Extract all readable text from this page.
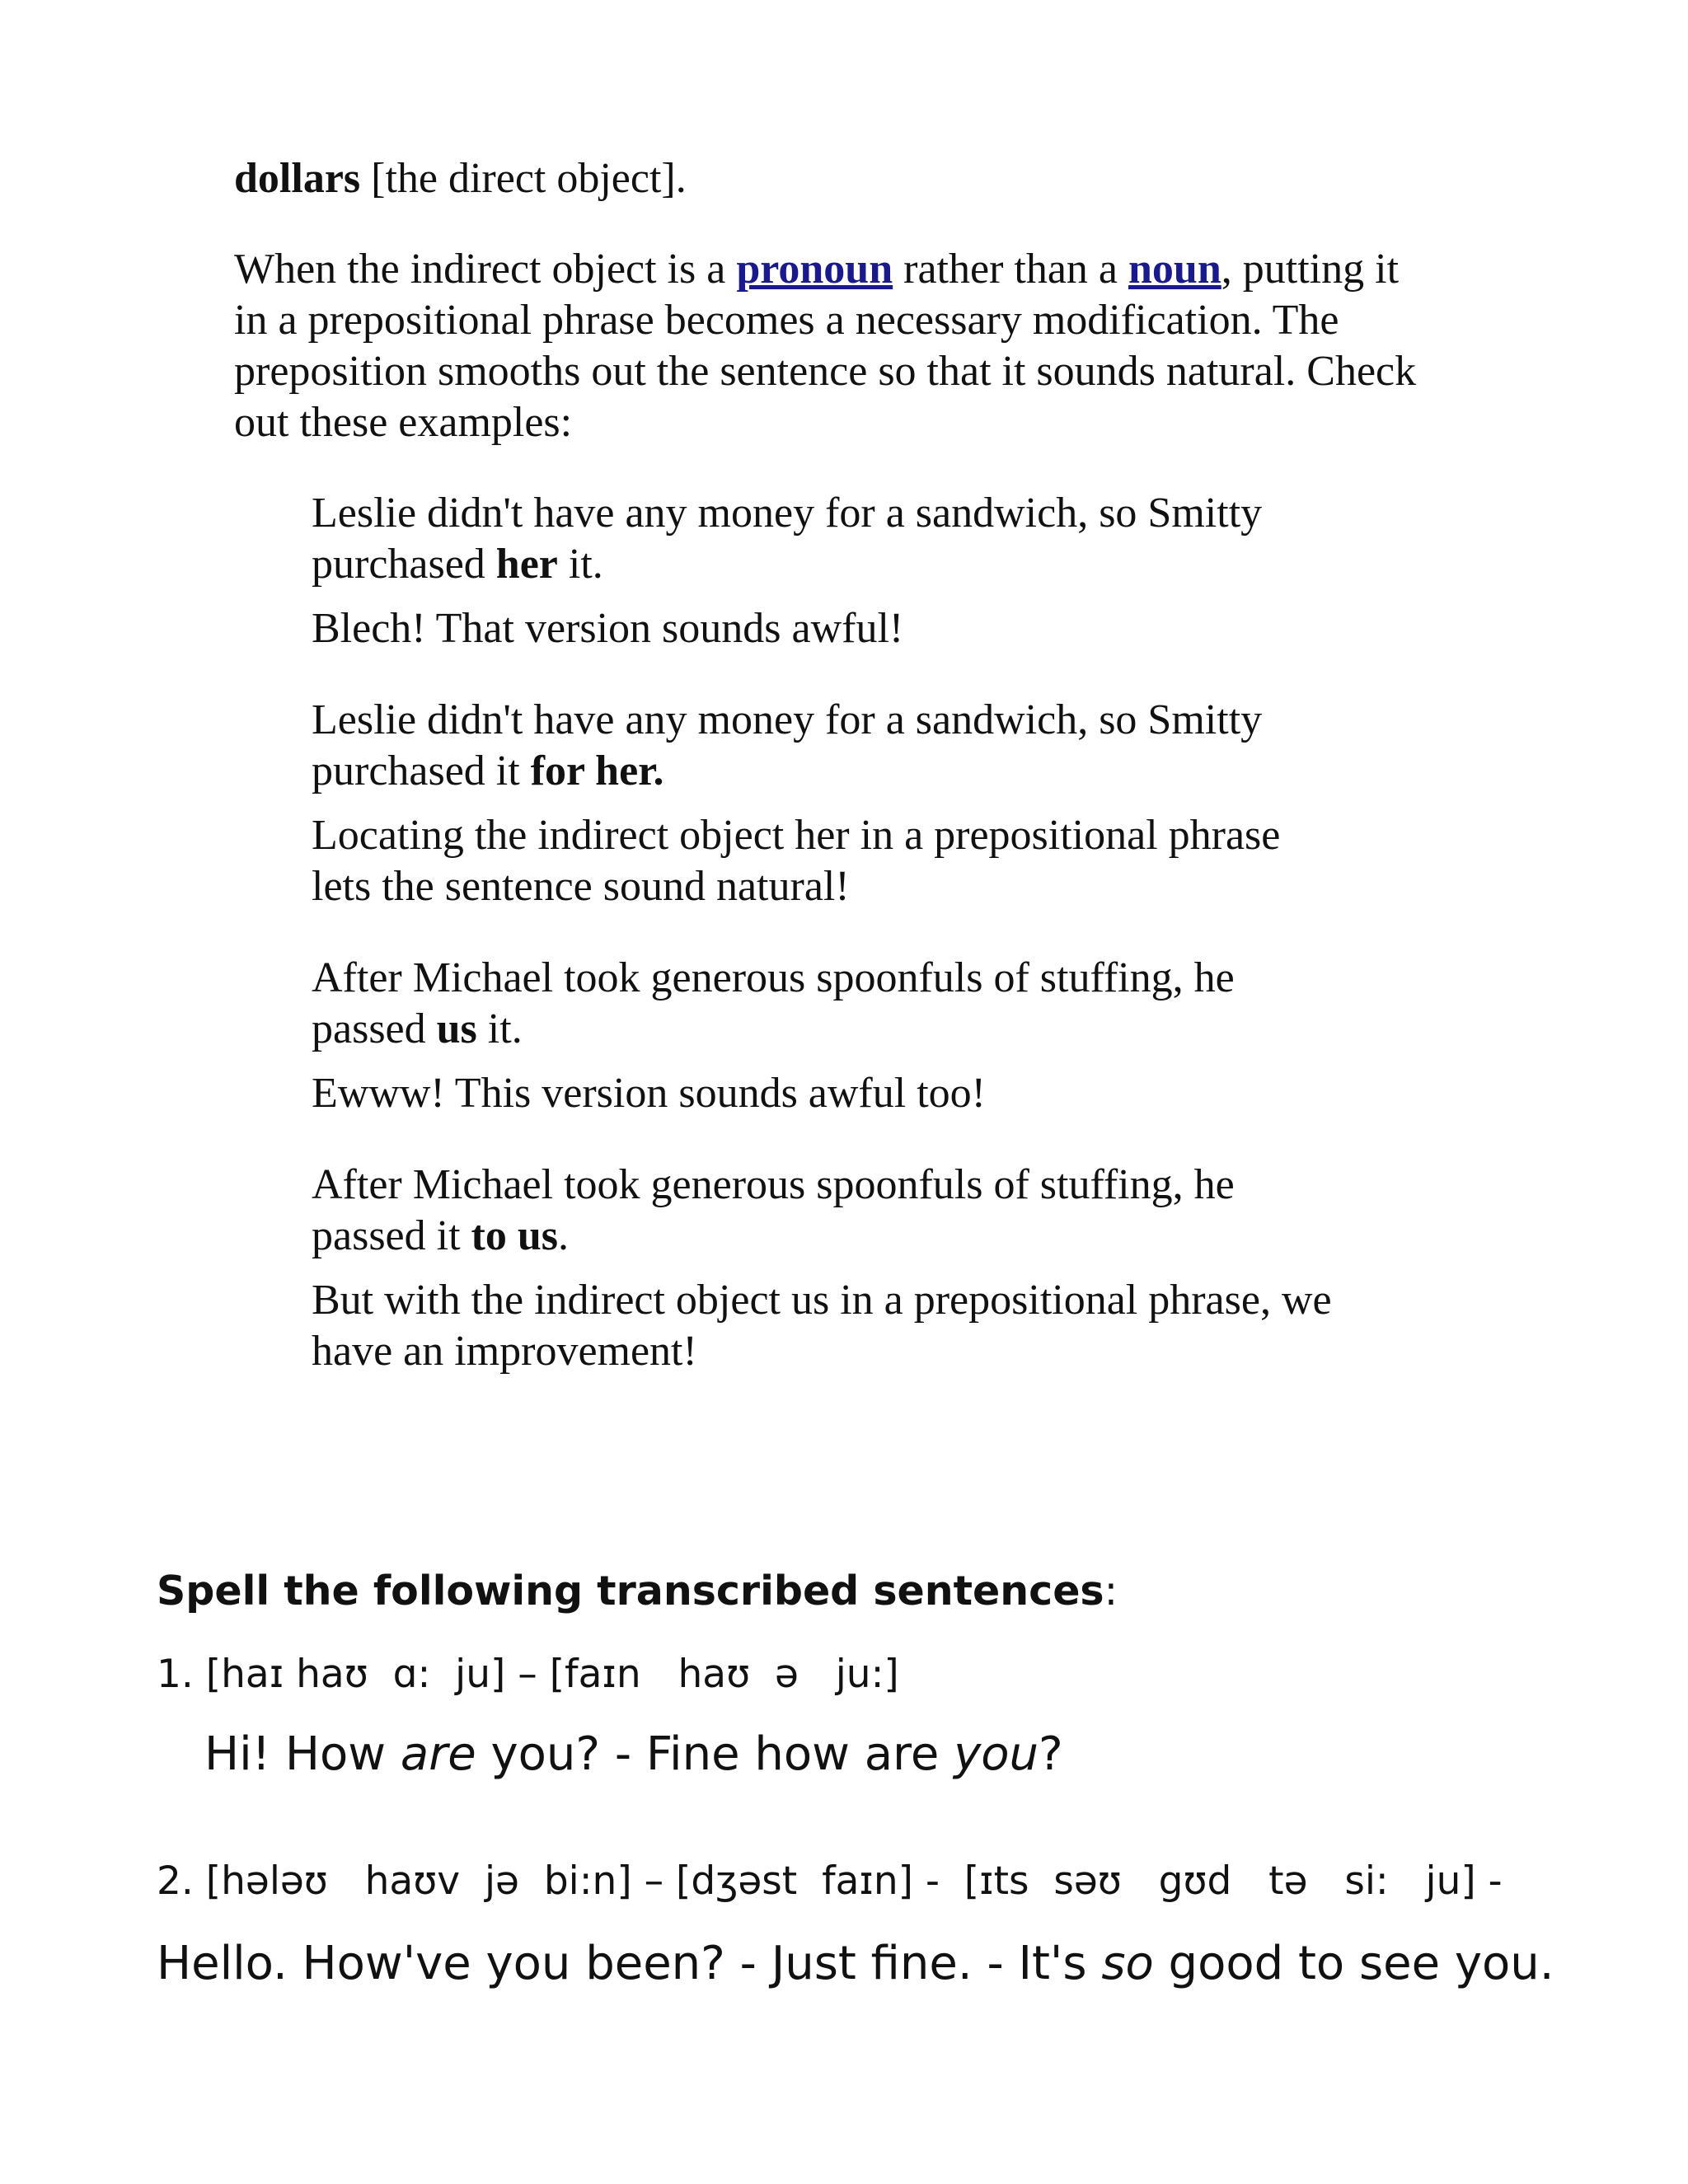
dollars [the direct object].

When the indirect object is a pronoun rather than a noun, putting it

in a prepositional phrase becomes a necessary modification. The

preposition smooths out the sentence so that it sounds natural. Check

out these examples:

Leslie didn't have any money for a sandwich, so Smitty

purchased her it.

Blech! That version sounds awful!

Leslie didn't have any money for a sandwich, so Smitty

purchased it for her.

Locating the indirect object her in a prepositional phrase

lets the sentence sound natural!

After Michael took generous spoonfuls of stuffing, he

passed us it.

Ewww! This version sounds awful too!

After Michael took generous spoonfuls of stuffing, he

passed it to us.

But with the indirect object us in a prepositional phrase, we

have an improvement!

Spell the following transcribed sentences:

1. [haɪ haʊ  ɑ:  ju] – [faɪn   haʊ  ə   ju:]

Hi! How are you? - Fine how are you?

2. [hələʊ   haʊv  jə  bi:n] – [dʒəst  faɪn] -  [ɪts  səʊ   gʊd   tə   si:   ju] -

Hello. How've you been? - Just fine. - It's so good to see you.
